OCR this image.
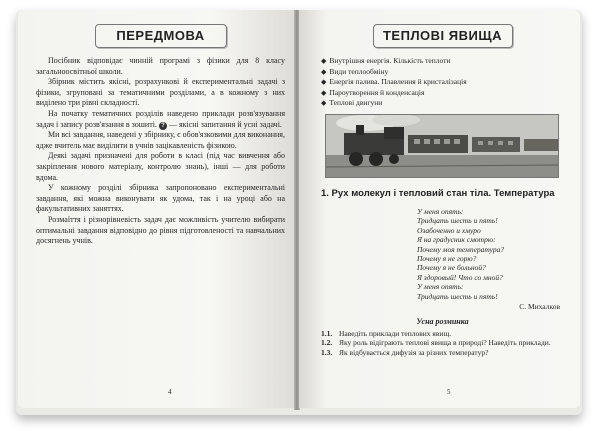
ПЕРЕДМОВА

Посібник відповідає чинній програмі з фізики для 8 класу загальноосвітньої школи.

Збірник містить якісні, розрахункові й експериментальні задачі з фізики, згруповані за тематичними розділами, а в кожному з них виділено три рівні складності.

На початку тематичних розділів наведено приклади розв'язування задач і запису розв'язання в зошиті. ? — якісні запитання й усні задачі.

Ми всі завдання, наведені у збірнику, є обов'язковими для виконання, адже вчитель має виділити в учнів зацікавленість фізикою.

Деякі задачі призначені для роботи в класі (під час вивчення або закріплення нового матеріалу, контролю знань), інші — для роботи вдома.

У кожному розділі збірника запропоновано експериментальні завдання, які можна виконувати як удома, так і на уроці або на факультативних заняттях.

Розмаїття і різнорівневість задач дає можливість учителю вибирати оптимальні завдання відповідно до рівня підготовленості та навчальних досягнень учнів.

4
ТЕПЛОВІ ЯВИЩА
◆ Внутрішня енергія. Кількість теплоти
◆ Види теплообміну
◆ Енергія палива. Плавлення й кристалізація
◆ Пароутворення й конденсація
◆ Теплові двигуни
1. Рух молекул і тепловий стан тіла. Температура
У меня опять:
Тридцать шесть и пять!
Озабоченно и хмуро
Я на градусник смотрю:
Почему моя температура?
Почему я не горю?
Почему я не больной?
Я здоровый! Что со мной?
У меня опять:
Тридцать шесть и пять!
С. Михалков
Усна розминка
1.1. Наведіть приклади теплових явищ.
1.2. Яку роль відіграють теплові явища в природі? Наведіть приклади.
1.3. Як відбувається дифузія за різних температур?
5
